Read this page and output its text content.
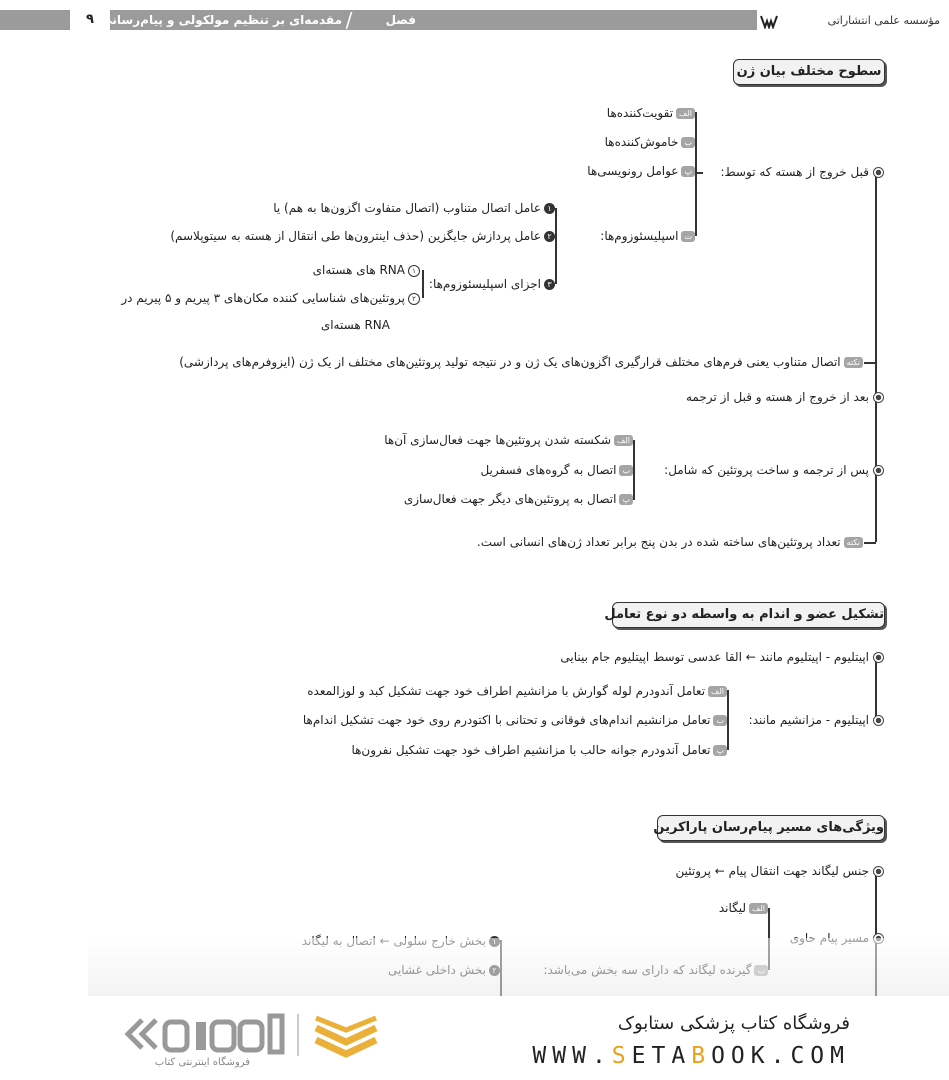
۹ مقدمه‌ای بر تنظیم مولکولی و پیام‌رسانی /	فصل اول
مؤسسه علمی انتشاراتی
سطوح مختلف بیان ژن
قبل خروج از هسته که توسط:
الفتقویت‌کننده‌ها
بخاموش‌کننده‌ها
پعوامل رونویسی‌ها
تاسپلیسئوزوم‌ها:
۱عامل اتصال متناوب (اتصال متفاوت اگزون‌ها به هم) یا
۲عامل پردازش جایگزین (حذف اینترون‌ها طی انتقال از هسته به سیتوپلاسم)
۳اجزای اسپلیسئوزوم‌ها:
۱RNA های هسته‌ای
۲پروتئین‌های شناسایی کننده مکان‌های ۳ پیریم و ۵ پیریم در
RNA هسته‌ای
نکتهاتصال متناوب یعنی فرم‌های مختلف قرارگیری اگزون‌های یک ژن و در نتیجه تولید پروتئین‌های مختلف از یک ژن (ایزوفرم‌های پردازشی)
بعد از خروج از هسته و قبل از ترجمه
پس از ترجمه و ساخت پروتئین که شامل:
الفشکسته شدن پروتئین‌ها جهت فعال‌سازی آن‌ها
باتصال به گروه‌های فسفریل
پاتصال به پروتئین‌های دیگر جهت فعال‌سازی
نکتهتعداد پروتئین‌های ساخته شده در بدن پنج برابر تعداد ژن‌های انسانی است.
تشکیل عضو و اندام به واسطه دو نوع تعامل
اپیتلیوم - اپیتلیوم مانند ← القا عدسی توسط اپیتلیوم جام بینایی
اپیتلیوم - مزانشیم مانند:
الفتعامل آندودرم لوله گوارش با مزانشیم اطراف خود جهت تشکیل کبد و لوزالمعده
بتعامل مزانشیم اندام‌های فوقانی و تحتانی با اکتودرم روی خود جهت تشکیل اندام‌ها
پتعامل آندودرم جوانه حالب با مزانشیم اطراف خود جهت تشکیل نفرون‌ها
ویژگی‌های مسیر پیام‌رسان پاراکرین
جنس لیگاند جهت انتقال پیام ← پروتئین
الفلیگاند
فروشگاه کتاب پزشکی ستابوک
WWW.SETABOOK.COM
فروشگاه اینترنتی کتاب
